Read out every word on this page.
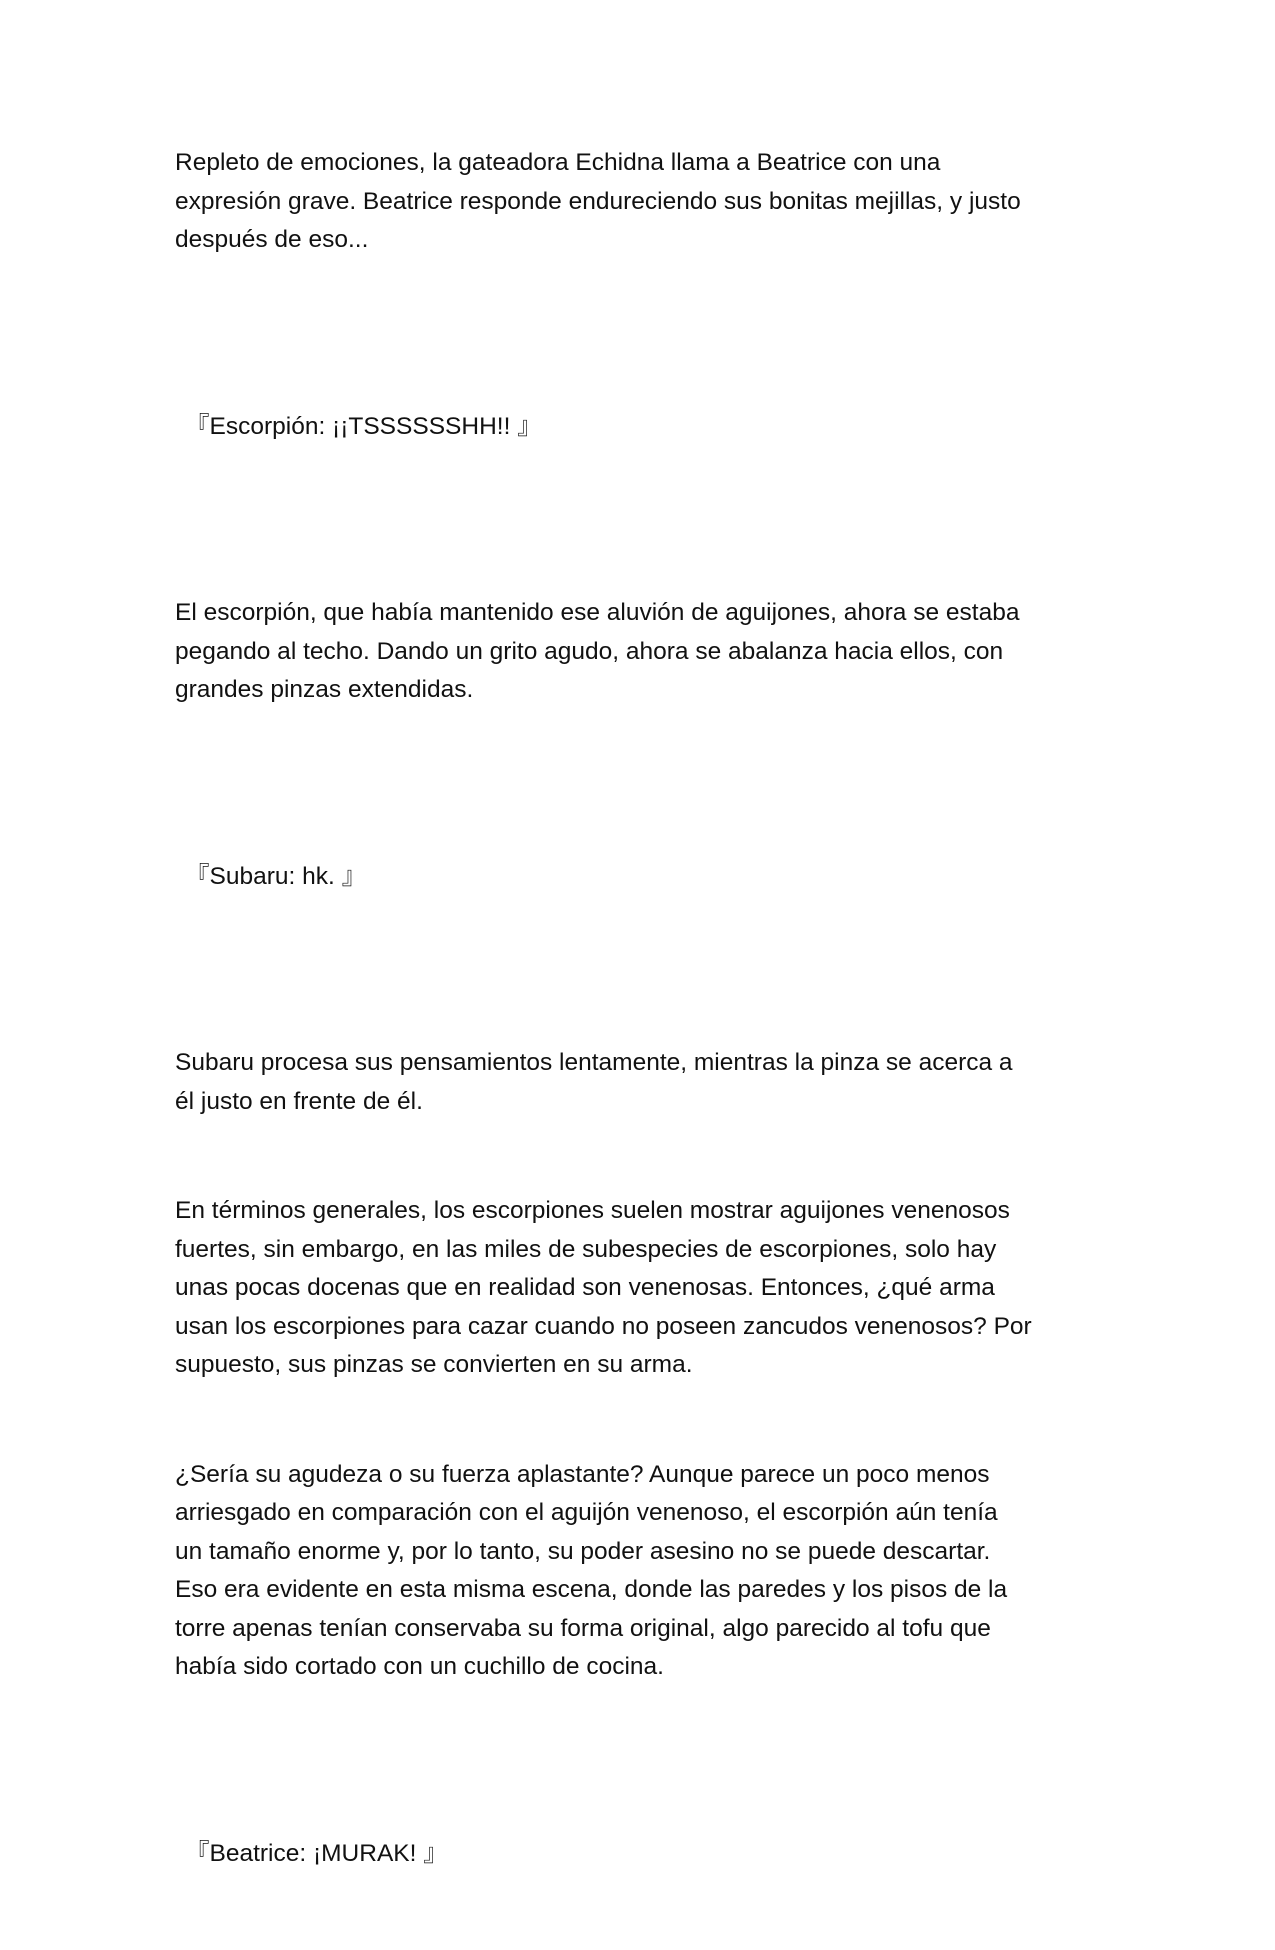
Repleto de emociones, la gateadora Echidna llama a Beatrice con una
expresión grave. Beatrice responde endureciendo sus bonitas mejillas, y justo
después de eso...

『Escorpión: ¡¡TSSSSSSHH!! 』

El escorpión, que había mantenido ese aluvión de aguijones, ahora se estaba
pegando al techo. Dando un grito agudo, ahora se abalanza hacia ellos, con
grandes pinzas extendidas.

『Subaru: hk. 』

Subaru procesa sus pensamientos lentamente, mientras la pinza se acerca a
él justo en frente de él.

En términos generales, los escorpiones suelen mostrar aguijones venenosos
fuertes, sin embargo, en las miles de subespecies de escorpiones, solo hay
unas pocas docenas que en realidad son venenosas. Entonces, ¿qué arma
usan los escorpiones para cazar cuando no poseen zancudos venenosos? Por
supuesto, sus pinzas se convierten en su arma.

¿Sería su agudeza o su fuerza aplastante? Aunque parece un poco menos
arriesgado en comparación con el aguijón venenoso, el escorpión aún tenía
un tamaño enorme y, por lo tanto, su poder asesino no se puede descartar.
Eso era evidente en esta misma escena, donde las paredes y los pisos de la
torre apenas tenían conservaba su forma original, algo parecido al tofu que
había sido cortado con un cuchillo de cocina.

『Beatrice: ¡MURAK! 』
